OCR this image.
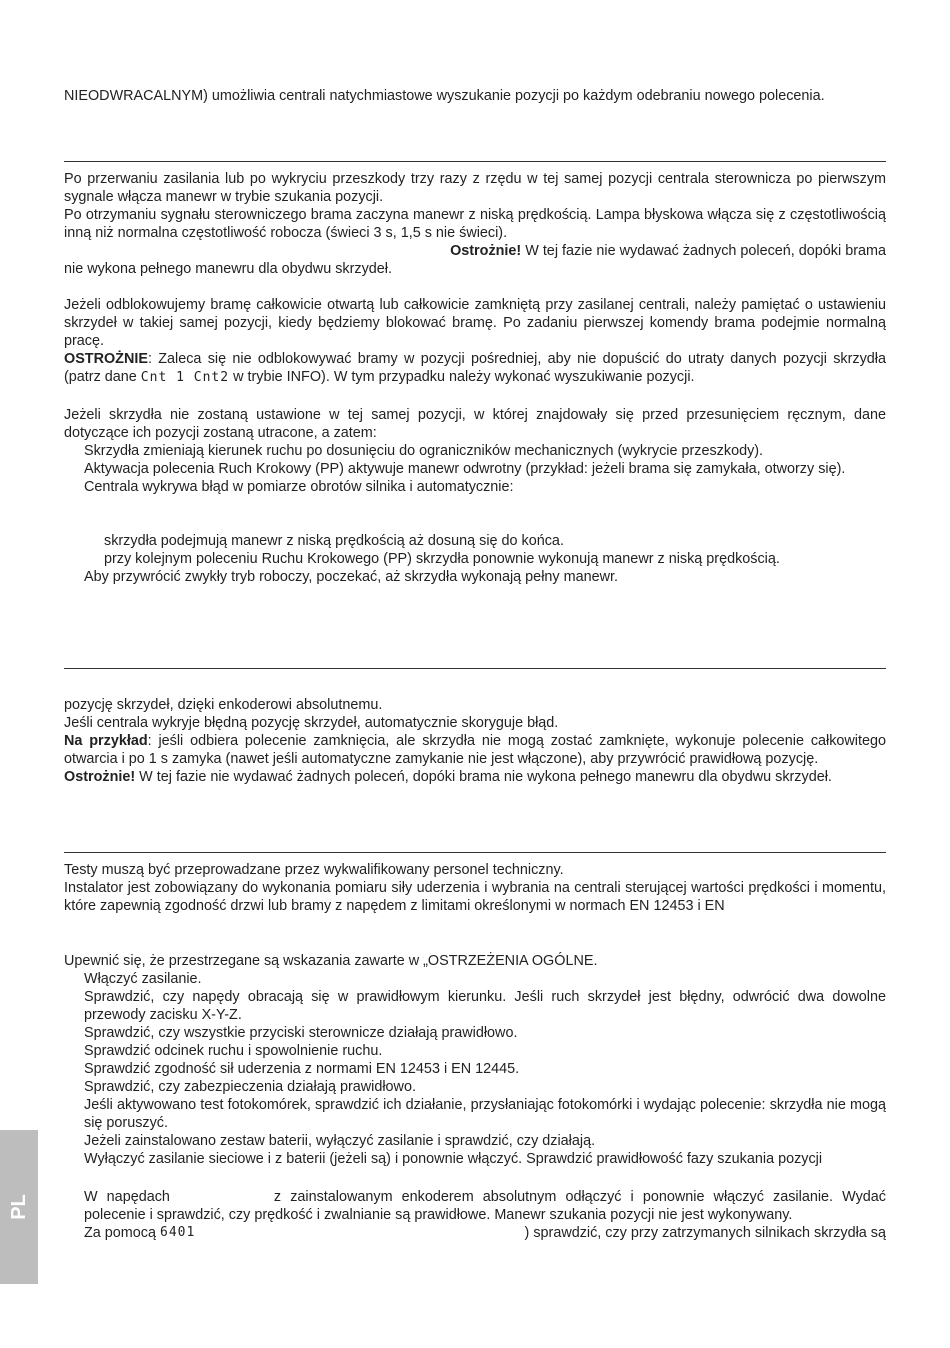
NIEODWRACALNYM) umożliwia centrali natychmiastowe wyszukanie pozycji po każdym odebraniu nowego polecenia.

Po przerwaniu zasilania lub po wykryciu przeszkody trzy razy z rzędu w tej samej pozycji centrala sterownicza po pierwszym sygnale włącza manewr w trybie szukania pozycji.

Po otrzymaniu sygnału sterowniczego brama zaczyna manewr z niską prędkością. Lampa błyskowa włącza się z częstotliwością inną niż normalna częstotliwość robocza (świeci 3 s, 1,5 s nie świeci).

Ostrożnie! W tej fazie nie wydawać żadnych poleceń, dopóki brama

nie wykona pełnego manewru dla obydwu skrzydeł.

Jeżeli odblokowujemy bramę całkowicie otwartą lub całkowicie zamkniętą przy zasilanej centrali, należy pamiętać o ustawieniu skrzydeł w takiej samej pozycji, kiedy będziemy blokować bramę. Po zadaniu pierwszej komendy brama podejmie normalną pracę.

OSTROŻNIE: Zaleca się nie odblokowywać bramy w pozycji pośredniej, aby nie dopuścić do utraty danych pozycji skrzydła (patrz dane Cnt 1 Cnt2 w trybie INFO). W tym przypadku należy wykonać wyszukiwanie pozycji.

Jeżeli skrzydła nie zostaną ustawione w tej samej pozycji, w której znajdowały się przed przesunięciem ręcznym, dane dotyczące ich pozycji zostaną utracone, a zatem:

Skrzydła zmieniają kierunek ruchu po dosunięciu do ograniczników mechanicznych (wykrycie przeszkody).

Aktywacja polecenia Ruch Krokowy (PP) aktywuje manewr odwrotny (przykład: jeżeli brama się zamykała, otworzy się).

Centrala wykrywa błąd w pomiarze obrotów silnika i automatycznie:

skrzydła podejmują manewr z niską prędkością aż dosuną się do końca.

przy kolejnym poleceniu Ruchu Krokowego (PP) skrzydła ponownie wykonują manewr z niską prędkością.

Aby przywrócić zwykły tryb roboczy, poczekać, aż skrzydła wykonają pełny manewr.

pozycję skrzydeł, dzięki enkoderowi absolutnemu.

Jeśli centrala wykryje błędną pozycję skrzydeł, automatycznie skoryguje błąd.

Na przykład: jeśli odbiera polecenie zamknięcia, ale skrzydła nie mogą zostać zamknięte, wykonuje polecenie całkowitego otwarcia i po 1 s zamyka (nawet jeśli automatyczne zamykanie nie jest włączone), aby przywrócić prawidłową pozycję.

Ostrożnie! W tej fazie nie wydawać żadnych poleceń, dopóki brama nie wykona pełnego manewru dla obydwu skrzydeł.

Testy muszą być przeprowadzane przez wykwalifikowany personel techniczny.

Instalator jest zobowiązany do wykonania pomiaru siły uderzenia i wybrania na centrali sterującej wartości prędkości i momentu, które zapewnią zgodność drzwi lub bramy z napędem z limitami określonymi w normach EN 12453 i EN

Upewnić się, że przestrzegane są wskazania zawarte w „OSTRZEŻENIA OGÓLNE.

Włączyć zasilanie.

Sprawdzić, czy napędy obracają się w prawidłowym kierunku. Jeśli ruch skrzydeł jest błędny, odwrócić dwa dowolne przewody zacisku X-Y-Z.

Sprawdzić, czy wszystkie przyciski sterownicze działają prawidłowo.

Sprawdzić odcinek ruchu i spowolnienie ruchu.

Sprawdzić zgodność sił uderzenia z normami EN 12453 i EN 12445.

Sprawdzić, czy zabezpieczenia działają prawidłowo.

Jeśli aktywowano test fotokomórek, sprawdzić ich działanie, przysłaniając fotokomórki i wydając polecenie: skrzydła nie mogą się poruszyć.

Jeżeli zainstalowano zestaw baterii, wyłączyć zasilanie i sprawdzić, czy działają.

Wyłączyć zasilanie sieciowe i z baterii (jeżeli są) i ponownie włączyć. Sprawdzić prawidłowość fazy szukania pozycji

W napędach	z zainstalowanym enkoderem absolutnym odłączyć i ponownie włączyć zasilanie. Wydać polecenie i sprawdzić, czy prędkość i zwalnianie są prawidłowe. Manewr szukania pozycji nie jest wykonywany.

Za pomocą
6401	) sprawdzić, czy przy zatrzymanych silnikach skrzydła są

PL
